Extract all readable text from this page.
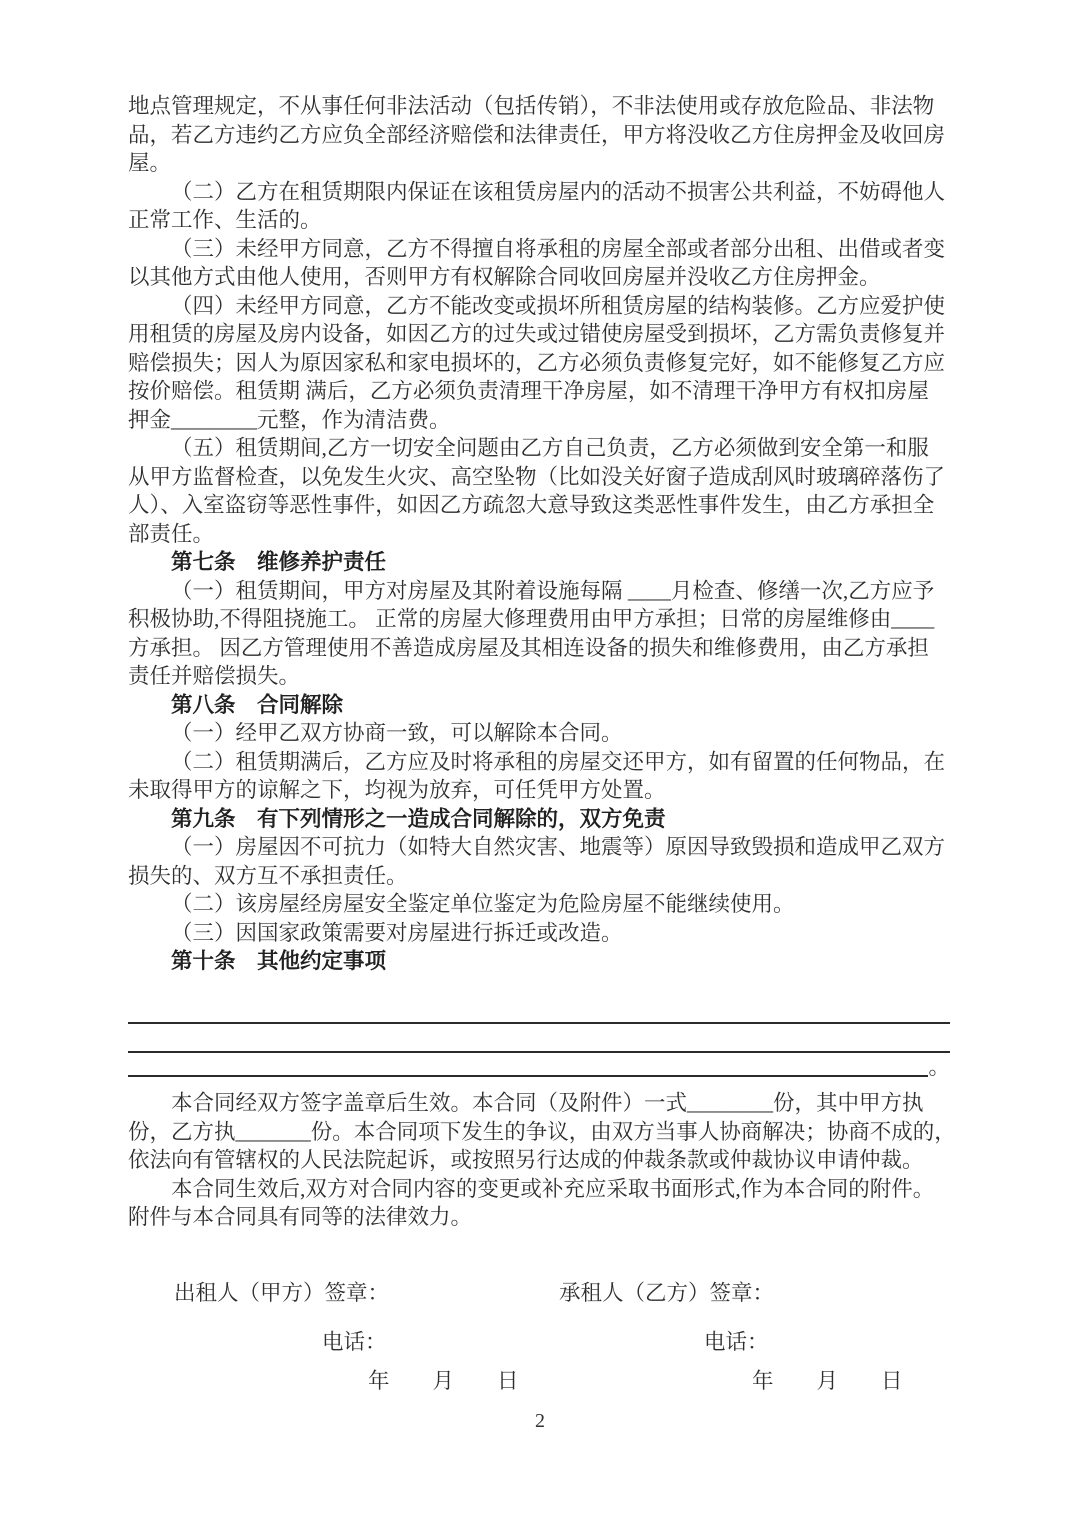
地点管理规定，不从事任何非法活动（包括传销），不非法使用或存放危险品、非法物
品，若乙方违约乙方应负全部经济赔偿和法律责任，甲方将没收乙方住房押金及收回房
屋。
（二）乙方在租赁期限内保证在该租赁房屋内的活动不损害公共利益，不妨碍他人
正常工作、生活的。
（三）未经甲方同意，乙方不得擅自将承租的房屋全部或者部分出租、出借或者变
以其他方式由他人使用，否则甲方有权解除合同收回房屋并没收乙方住房押金。
（四）未经甲方同意，乙方不能改变或损坏所租赁房屋的结构装修。乙方应爱护使
用租赁的房屋及房内设备，如因乙方的过失或过错使房屋受到损坏，乙方需负责修复并
赔偿损失；因人为原因家私和家电损坏的，乙方必须负责修复完好，如不能修复乙方应
按价赔偿。租赁期 满后，乙方必须负责清理干净房屋，如不清理干净甲方有权扣房屋
押金________元整，作为清洁费。
（五）租赁期间,乙方一切安全问题由乙方自己负责，乙方必须做到安全第一和服
从甲方监督检查，以免发生火灾、高空坠物（比如没关好窗子造成刮风时玻璃碎落伤了
人）、入室盗窃等恶性事件，如因乙方疏忽大意导致这类恶性事件发生，由乙方承担全
部责任。
第七条　维修养护责任
（一）租赁期间，甲方对房屋及其附着设施每隔 ____月检查、修缮一次,乙方应予
积极协助,不得阻挠施工。 正常的房屋大修理费用由甲方承担；日常的房屋维修由____
方承担。 因乙方管理使用不善造成房屋及其相连设备的损失和维修费用，由乙方承担
责任并赔偿损失。
第八条　合同解除
（一）经甲乙双方协商一致，可以解除本合同。
（二）租赁期满后，乙方应及时将承租的房屋交还甲方，如有留置的任何物品，在
未取得甲方的谅解之下，均视为放弃，可任凭甲方处置。
第九条　有下列情形之一造成合同解除的，双方免责
（一）房屋因不可抗力（如特大自然灾害、地震等）原因导致毁损和造成甲乙双方
损失的、双方互不承担责任。
（二）该房屋经房屋安全鉴定单位鉴定为危险房屋不能继续使用。
（三）因国家政策需要对房屋进行拆迁或改造。
第十条　其他约定事项
。
本合同经双方签字盖章后生效。本合同（及附件）一式________份，其中甲方执
份，乙方执_______份。本合同项下发生的争议，由双方当事人协商解决；协商不成的，
依法向有管辖权的人民法院起诉，或按照另行达成的仲裁条款或仲裁协议申请仲裁。
本合同生效后,双方对合同内容的变更或补充应采取书面形式,作为本合同的附件。
附件与本合同具有同等的法律效力。
出租人（甲方）签章：	承租人（乙方）签章：
电话：	电话：
年　　月　　日	年　　月　　日
2
